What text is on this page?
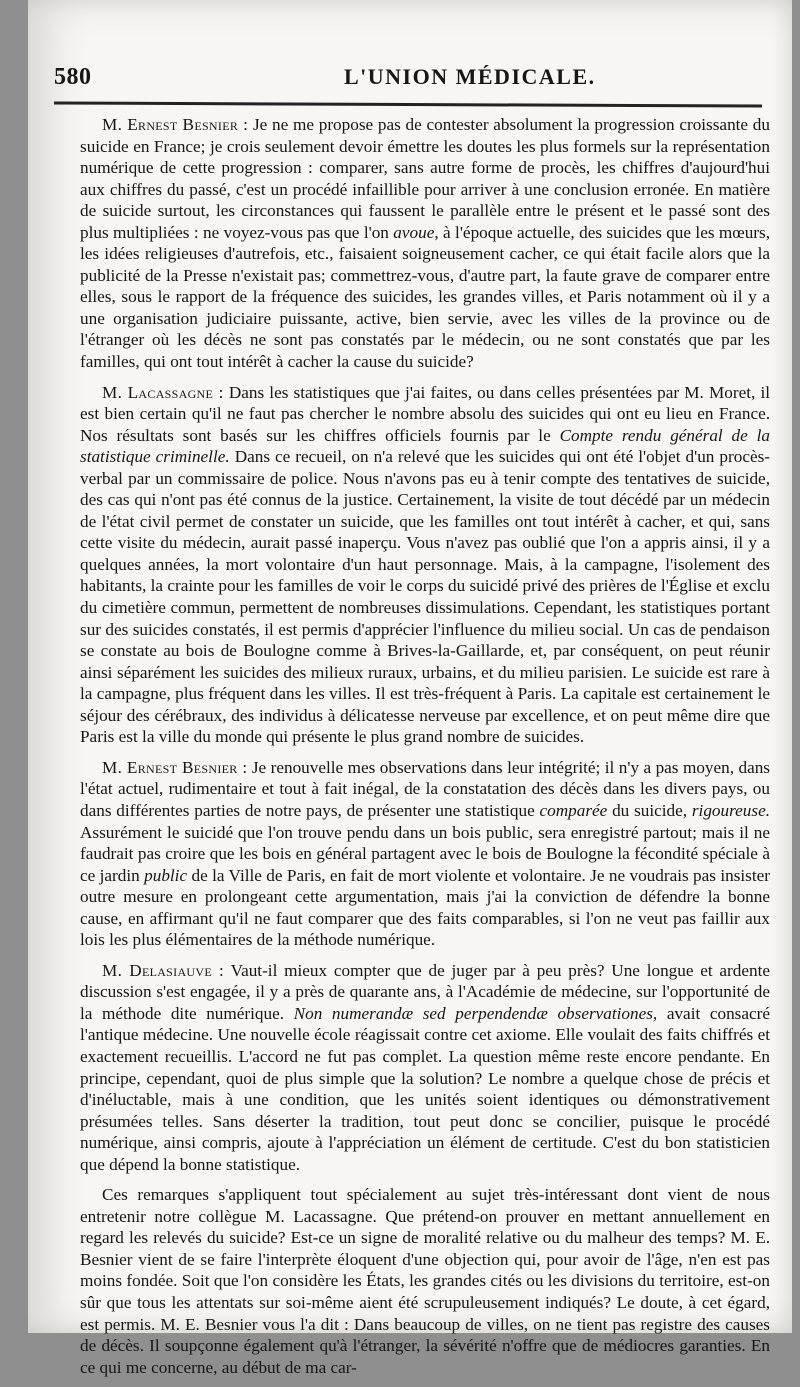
580	L'UNION MÉDICALE.

M. Ernest Besnier : Je ne me propose pas de contester absolument la progression croissante du suicide en France; je crois seulement devoir émettre les doutes les plus formels sur la représentation numérique de cette progression : comparer, sans autre forme de procès, les chiffres d'aujourd'hui aux chiffres du passé, c'est un procédé infaillible pour arriver à une conclusion erronée. En matière de suicide surtout, les circonstances qui faussent le parallèle entre le présent et le passé sont des plus multipliées : ne voyez-vous pas que l'on avoue, à l'époque actuelle, des suicides que les mœurs, les idées religieuses d'autrefois, etc., faisaient soigneusement cacher, ce qui était facile alors que la publicité de la Presse n'existait pas; commettrez-vous, d'autre part, la faute grave de comparer entre elles, sous le rapport de la fréquence des suicides, les grandes villes, et Paris notamment où il y a une organisation judiciaire puissante, active, bien servie, avec les villes de la province ou de l'étranger où les décès ne sont pas constatés par le médecin, ou ne sont constatés que par les familles, qui ont tout intérêt à cacher la cause du suicide?

M. Lacassagne : Dans les statistiques que j'ai faites, ou dans celles présentées par M. Moret, il est bien certain qu'il ne faut pas chercher le nombre absolu des suicides qui ont eu lieu en France. Nos résultats sont basés sur les chiffres officiels fournis par le Compte rendu général de la statistique criminelle. Dans ce recueil, on n'a relevé que les suicides qui ont été l'objet d'un procès-verbal par un commissaire de police. Nous n'avons pas eu à tenir compte des tentatives de suicide, des cas qui n'ont pas été connus de la justice. Certainement, la visite de tout décédé par un médecin de l'état civil permet de constater un suicide, que les familles ont tout intérêt à cacher, et qui, sans cette visite du médecin, aurait passé inaperçu. Vous n'avez pas oublié que l'on a appris ainsi, il y a quelques années, la mort volontaire d'un haut personnage. Mais, à la campagne, l'isolement des habitants, la crainte pour les familles de voir le corps du suicidé privé des prières de l'Église et exclu du cimetière commun, permettent de nombreuses dissimulations. Cependant, les statistiques portant sur des suicides constatés, il est permis d'apprécier l'influence du milieu social. Un cas de pendaison se constate au bois de Boulogne comme à Brives-la-Gaillarde, et, par conséquent, on peut réunir ainsi séparément les suicides des milieux ruraux, urbains, et du milieu parisien. Le suicide est rare à la campagne, plus fréquent dans les villes. Il est très-fréquent à Paris. La capitale est certainement le séjour des cérébraux, des individus à délicatesse nerveuse par excellence, et on peut même dire que Paris est la ville du monde qui présente le plus grand nombre de suicides.

M. Ernest Besnier : Je renouvelle mes observations dans leur intégrité; il n'y a pas moyen, dans l'état actuel, rudimentaire et tout à fait inégal, de la constatation des décès dans les divers pays, ou dans différentes parties de notre pays, de présenter une statistique comparée du suicide, rigoureuse. Assurément le suicidé que l'on trouve pendu dans un bois public, sera enregistré partout; mais il ne faudrait pas croire que les bois en général partagent avec le bois de Boulogne la fécondité spéciale à ce jardin public de la Ville de Paris, en fait de mort violente et volontaire. Je ne voudrais pas insister outre mesure en prolongeant cette argumentation, mais j'ai la conviction de défendre la bonne cause, en affirmant qu'il ne faut comparer que des faits comparables, si l'on ne veut pas faillir aux lois les plus élémentaires de la méthode numérique.

M. Delasiauve : Vaut-il mieux compter que de juger par à peu près? Une longue et ardente discussion s'est engagée, il y a près de quarante ans, à l'Académie de médecine, sur l'opportunité de la méthode dite numérique. Non numerandæ sed perpendendæ observationes, avait consacré l'antique médecine. Une nouvelle école réagissait contre cet axiome. Elle voulait des faits chiffrés et exactement recueillis. L'accord ne fut pas complet. La question même reste encore pendante. En principe, cependant, quoi de plus simple que la solution? Le nombre a quelque chose de précis et d'inéluctable, mais à une condition, que les unités soient identiques ou démonstrativement présumées telles. Sans déserter la tradition, tout peut donc se concilier, puisque le procédé numérique, ainsi compris, ajoute à l'appréciation un élément de certitude. C'est du bon statisticien que dépend la bonne statistique.

Ces remarques s'appliquent tout spécialement au sujet très-intéressant dont vient de nous entretenir notre collègue M. Lacassagne. Que prétend-on prouver en mettant annuellement en regard les relevés du suicide? Est-ce un signe de moralité relative ou du malheur des temps? M. E. Besnier vient de se faire l'interprète éloquent d'une objection qui, pour avoir de l'âge, n'en est pas moins fondée. Soit que l'on considère les États, les grandes cités ou les divisions du territoire, est-on sûr que tous les attentats sur soi-même aient été scrupuleusement indiqués? Le doute, à cet égard, est permis. M. E. Besnier vous l'a dit : Dans beaucoup de villes, on ne tient pas registre des causes de décès. Il soupçonne également qu'à l'étranger, la sévérité n'offre que de médiocres garanties. En ce qui me concerne, au début de ma car-
